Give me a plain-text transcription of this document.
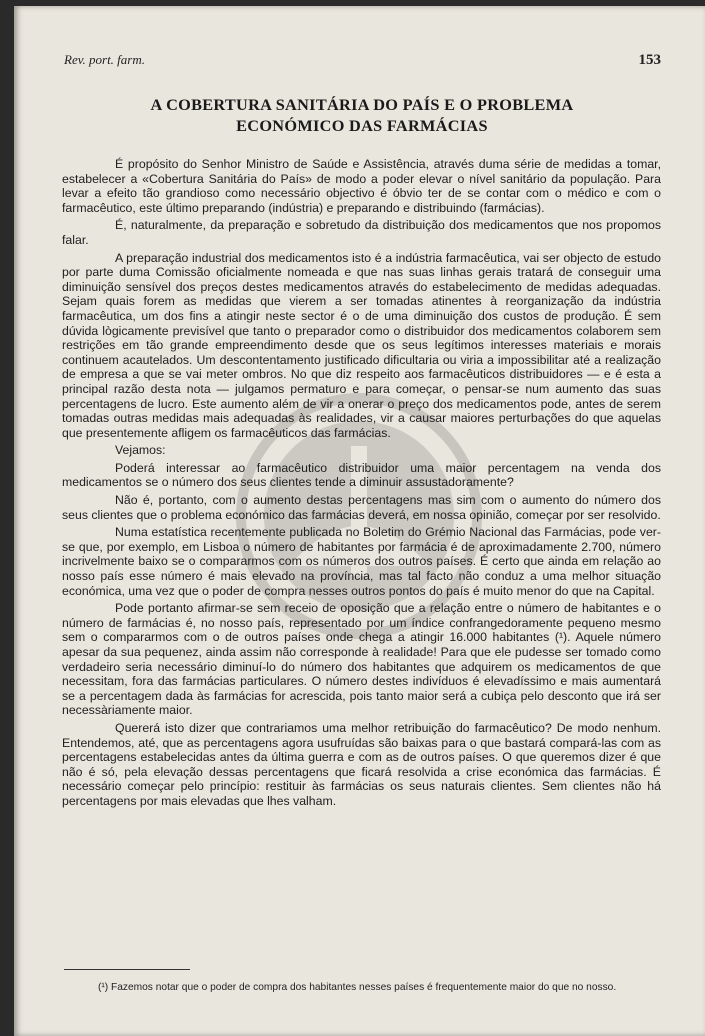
Rev. port. farm.	153
A COBERTURA SANITÁRIA DO PAÍS E O PROBLEMA
ECONÓMICO DAS FARMÁCIAS

É propósito do Senhor Ministro de Saúde e Assistência, através duma série de medidas a tomar, estabelecer a «Cobertura Sanitária do País» de modo a poder elevar o nível sanitário da população. Para levar a efeito tão grandioso como necessário objectivo é óbvio ter de se contar com o médico e com o farmacêutico, este último preparando (indústria) e preparando e distribuindo (farmácias).

É, naturalmente, da preparação e sobretudo da distribuição dos medicamentos que nos propomos falar.

A preparação industrial dos medicamentos isto é a indústria farmacêutica, vai ser objecto de estudo por parte duma Comissão oficialmente nomeada e que nas suas linhas gerais tratará de conseguir uma diminuição sensível dos preços destes medicamentos através do estabelecimento de medidas adequadas. Sejam quais forem as medidas que vierem a ser tomadas atinentes à reorganização da indústria farmacêutica, um dos fins a atingir neste sector é o de uma diminuição dos custos de produção. É sem dúvida lògicamente previsível que tanto o preparador como o distribuidor dos medicamentos colaborem sem restrições em tão grande empreendimento desde que os seus legítimos interesses materiais e morais continuem acautelados. Um descontentamento justificado dificultaria ou viria a impossibilitar até a realização de empresa a que se vai meter ombros. No que diz respeito aos farmacêuticos distribuidores — e é esta a principal razão desta nota — julgamos permaturo e para começar, o pensar-se num aumento das suas percentagens de lucro. Este aumento além de vir a onerar o preço dos medicamentos pode, antes de serem tomadas outras medidas mais adequadas às realidades, vir a causar maiores perturbações do que aquelas que presentemente afligem os farmacêuticos das farmácias.

Vejamos:

Poderá interessar ao farmacêutico distribuidor uma maior percentagem na venda dos medicamentos se o número dos seus clientes tende a diminuir assustadoramente?

Não é, portanto, com o aumento destas percentagens mas sim com o aumento do número dos seus clientes que o problema económico das farmácias deverá, em nossa opinião, começar por ser resolvido.

Numa estatística recentemente publicada no Boletim do Grémio Nacional das Farmácias, pode ver-se que, por exemplo, em Lisboa o número de habitantes por farmácia é de aproximadamente 2.700, número incrivelmente baixo se o compararmos com os números dos outros países. É certo que ainda em relação ao nosso país esse número é mais elevado na província, mas tal facto não conduz a uma melhor situação económica, uma vez que o poder de compra nesses outros pontos do país é muito menor do que na Capital.

Pode portanto afirmar-se sem receio de oposição que a relação entre o número de habitantes e o número de farmácias é, no nosso país, representado por um índice confrangedoramente pequeno mesmo sem o compararmos com o de outros países onde chega a atingir 16.000 habitantes (¹). Aquele número apesar da sua pequenez, ainda assim não corresponde à realidade! Para que ele pudesse ser tomado como verdadeiro seria necessário diminuí-lo do número dos habitantes que adquirem os medicamentos de que necessitam, fora das farmácias particulares. O número destes indivíduos é elevadíssimo e mais aumentará se a percentagem dada às farmácias for acrescida, pois tanto maior será a cubiça pelo desconto que irá ser necessàriamente maior.

Quererá isto dizer que contrariamos uma melhor retribuição do farmacêutico? De modo nenhum. Entendemos, até, que as percentagens agora usufruídas são baixas para o que bastará compará-las com as percentagens estabelecidas antes da última guerra e com as de outros países. O que queremos dizer é que não é só, pela elevação dessas percentagens que ficará resolvida a crise económica das farmácias. É necessário começar pelo princípio: restituir às farmácias os seus naturais clientes. Sem clientes não há percentagens por mais elevadas que lhes valham.

(¹) Fazemos notar que o poder de compra dos habitantes nesses países é frequentemente maior do que no nosso.
